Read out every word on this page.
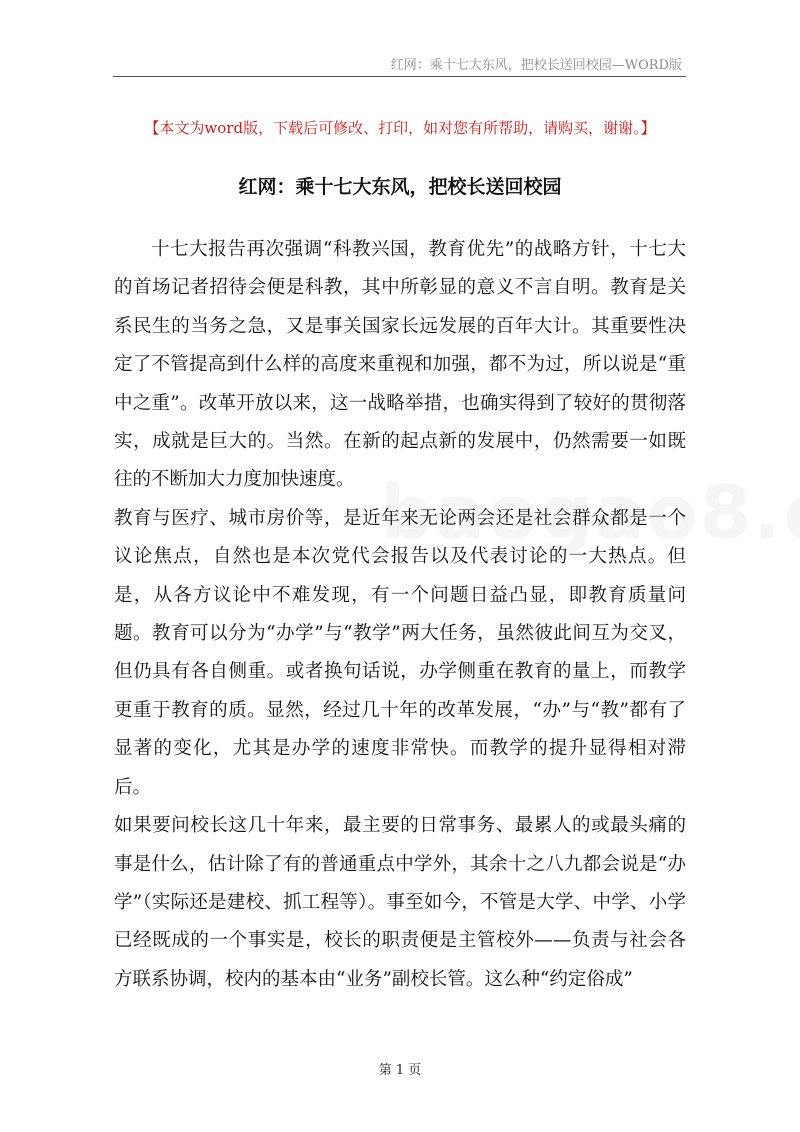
红网：乘十七大东风，把校长送回校园—WORD版
【本文为word版，下载后可修改、打印，如对您有所帮助，请购买，谢谢。】
红网：乘十七大东风，把校长送回校园

十七大报告再次强调“科教兴国，教育优先”的战略方针，十七大的首场记者招待会便是科教，其中所彰显的意义不言自明。教育是关系民生的当务之急，又是事关国家长远发展的百年大计。其重要性决定了不管提高到什么样的高度来重视和加强，都不为过，所以说是“重中之重”。改革开放以来，这一战略举措，也确实得到了较好的贯彻落实，成就是巨大的。当然。在新的起点新的发展中，仍然需要一如既往的不断加大力度加快速度。

教育与医疗、城市房价等，是近年来无论两会还是社会群众都是一个议论焦点，自然也是本次党代会报告以及代表讨论的一大热点。但是，从各方议论中不难发现，有一个问题日益凸显，即教育质量问题。教育可以分为“办学”与“教学”两大任务，虽然彼此间互为交叉，但仍具有各自侧重。或者换句话说，办学侧重在教育的量上，而教学更重于教育的质。显然，经过几十年的改革发展，“办”与“教”都有了显著的变化，尤其是办学的速度非常快。而教学的提升显得相对滞后。

如果要问校长这几十年来，最主要的日常事务、最累人的或最头痛的事是什么，估计除了有的普通重点中学外，其余十之八九都会说是“办学”（实际还是建校、抓工程等）。事至如今，不管是大学、中学、小学已经既成的一个事实是，校长的职责便是主管校外——负责与社会各方联系协调，校内的基本由“业务”副校长管。这么种“约定俗成”

第 1 页
